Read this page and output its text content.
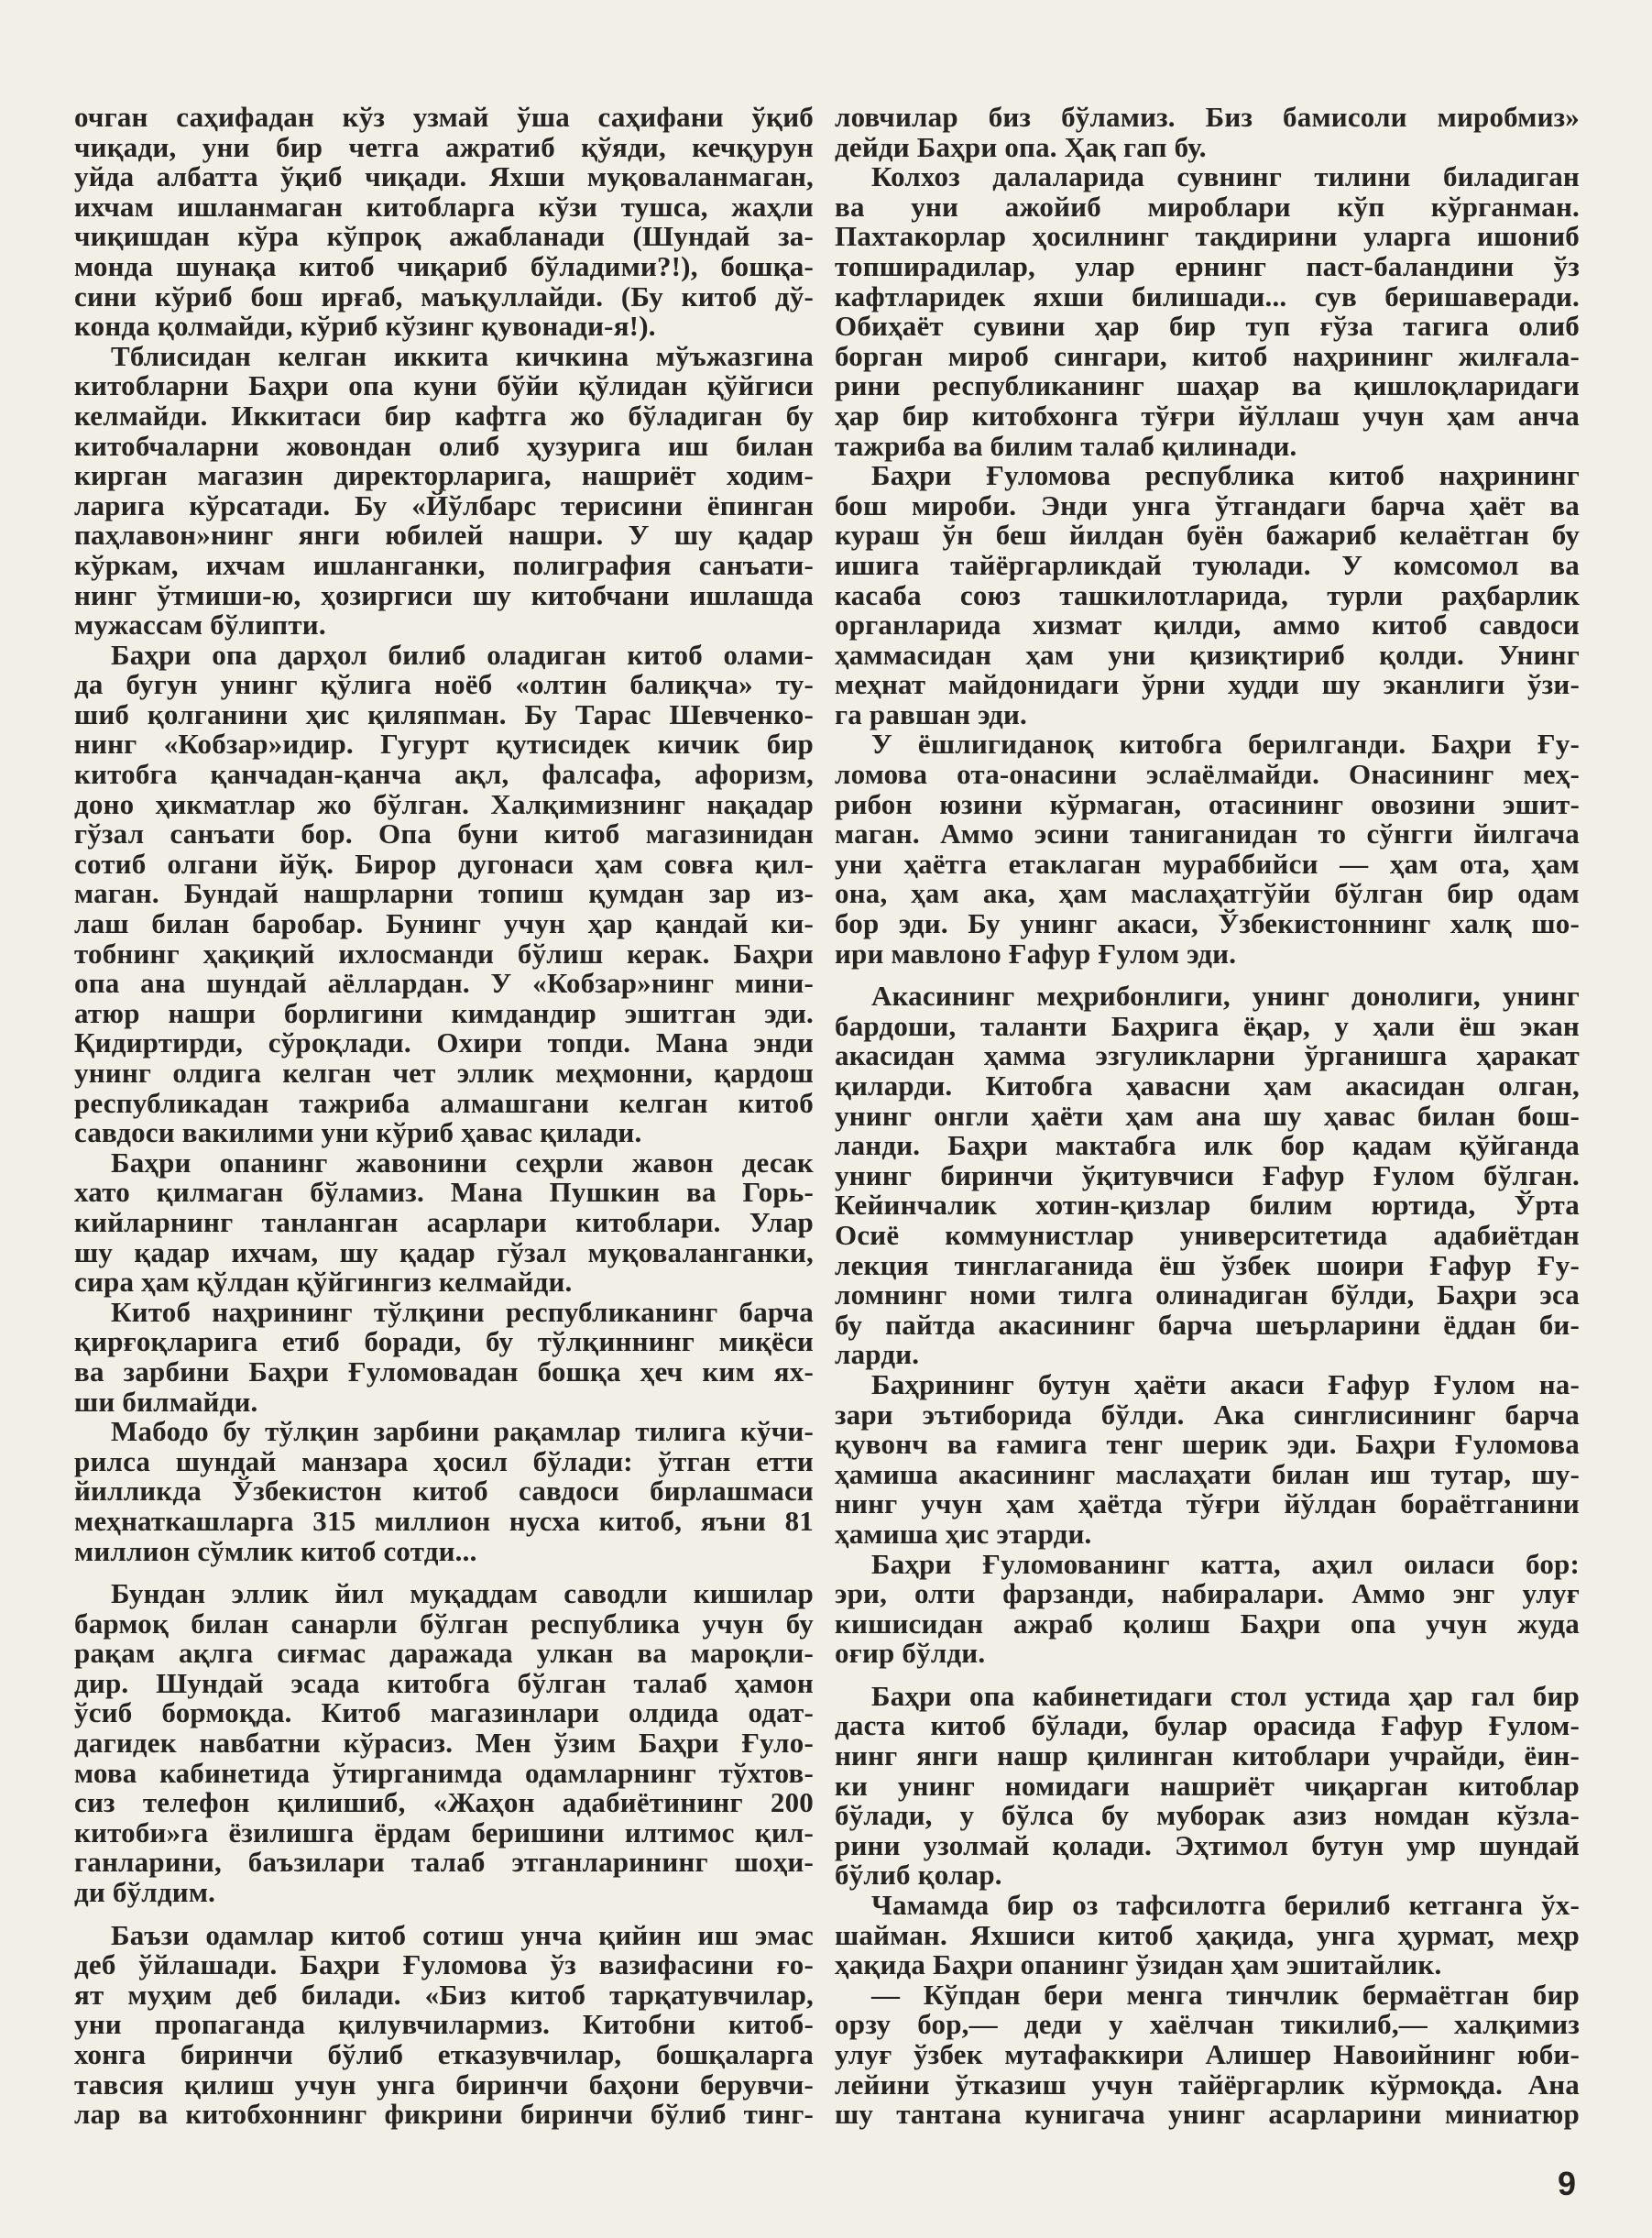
очган саҳифадан кўз узмай ўша саҳифани ўқиб
чиқади, уни бир четга ажратиб қўяди, кечқурун
уйда албатта ўқиб чиқади. Яхши муқоваланмаган,
ихчам ишланмаган китобларга кўзи тушса, жаҳли
чиқишдан кўра кўпроқ ажабланади (Шундай за-
монда шунақа китоб чиқариб бўладими?!), бошқа-
сини кўриб бош ирғаб, маъқуллайди. (Бу китоб дў-
конда қолмайди, кўриб кўзинг қувонади-я!).
Тблисидан келган иккита кичкина мўъжазгина
китобларни Баҳри опа куни бўйи қўлидан қўйгиси
келмайди. Иккитаси бир кафтга жо бўладиган бу
китобчаларни жовондан олиб ҳузурига иш билан
кирган магазин директорларига, нашриёт ходим-
ларига кўрсатади. Бу «Йўлбарс терисини ёпинган
паҳлавон»нинг янги юбилей нашри. У шу қадар
кўркам, ихчам ишланганки, полиграфия санъати-
нинг ўтмиши-ю, ҳозиргиси шу китобчани ишлашда
мужассам бўлипти.
Баҳри опа дарҳол билиб оладиган китоб олами-
да бугун унинг қўлига ноёб «олтин балиқча» ту-
шиб қолганини ҳис қиляпман. Бу Тарас Шевченко-
нинг «Кобзар»идир. Гугурт қутисидек кичик бир
китобга қанчадан-қанча ақл, фалсафа, афоризм,
доно ҳикматлар жо бўлган. Халқимизнинг нақадар
гўзал санъати бор. Опа буни китоб магазинидан
сотиб олгани йўқ. Бирор дугонаси ҳам совға қил-
маган. Бундай нашрларни топиш қумдан зар из-
лаш билан баробар. Бунинг учун ҳар қандай ки-
тобнинг ҳақиқий ихлосманди бўлиш керак. Баҳри
опа ана шундай аёллардан. У «Кобзар»нинг мини-
атюр нашри борлигини кимдандир эшитган эди.
Қидиртирди, сўроқлади. Охири топди. Мана энди
унинг олдига келган чет эллик меҳмонни, қардош
республикадан тажриба алмашгани келган китоб
савдоси вакилими уни кўриб ҳавас қилади.
Баҳри опанинг жавонини сеҳрли жавон десак
хато қилмаган бўламиз. Мана Пушкин ва Горь-
кийларнинг танланган асарлари китоблари. Улар
шу қадар ихчам, шу қадар гўзал муқоваланганки,
сира ҳам қўлдан қўйгингиз келмайди.
Китоб наҳрининг тўлқини республиканинг барча
қирғоқларига етиб боради, бу тўлқиннинг миқёси
ва зарбини Баҳри Ғуломовадан бошқа ҳеч ким ях-
ши билмайди.
Мабодо бу тўлқин зарбини рақамлар тилига кўчи-
рилса шундай манзара ҳосил бўлади: ўтган етти
йилликда Ўзбекистон китоб савдоси бирлашмаси
меҳнаткашларга 315 миллион нусха китоб, яъни 81
миллион сўмлик китоб сотди...
Бундан эллик йил муқаддам саводли кишилар
бармоқ билан санарли бўлган республика учун бу
рақам ақлга сиғмас даражада улкан ва мароқли-
дир. Шундай эсада китобга бўлган талаб ҳамон
ўсиб бормоқда. Китоб магазинлари олдида одат-
дагидек навбатни кўрасиз. Мен ўзим Баҳри Ғуло-
мова кабинетида ўтирганимда одамларнинг тўхтов-
сиз телефон қилишиб, «Жаҳон адабиётининг 200
китоби»га ёзилишга ёрдам беришини илтимос қил-
ганларини, баъзилари талаб этганларининг шоҳи-
ди бўлдим.
Баъзи одамлар китоб сотиш унча қийин иш эмас
деб ўйлашади. Баҳри Ғуломова ўз вазифасини ғо-
ят муҳим деб билади. «Биз китоб тарқатувчилар,
уни пропаганда қилувчилармиз. Китобни китоб-
хонга биринчи бўлиб етказувчилар, бошқаларга
тавсия қилиш учун унга биринчи баҳони берувчи-
лар ва китобхоннинг фикрини биринчи бўлиб тинг-
ловчилар биз бўламиз. Биз бамисоли миробмиз»
дейди Баҳри опа. Ҳақ гап бу.
Колхоз далаларида сувнинг тилини биладиган
ва уни ажойиб мироблари кўп кўрганман.
Пахтакорлар ҳосилнинг тақдирини уларга ишониб
топширадилар, улар ернинг паст-баландини ўз
кафтларидек яхши билишади... сув беришаверади.
Обиҳаёт сувини ҳар бир туп ғўза тагига олиб
борган мироб сингари, китоб наҳрининг жилғала-
рини республиканинг шаҳар ва қишлоқларидаги
ҳар бир китобхонга тўғри йўллаш учун ҳам анча
тажриба ва билим талаб қилинади.
Баҳри Ғуломова республика китоб наҳрининг
бош мироби. Энди унга ўтгандаги барча ҳаёт ва
кураш ўн беш йилдан буён бажариб келаётган бу
ишига тайёргарликдай туюлади. У комсомол ва
касаба союз ташкилотларида, турли раҳбарлик
органларида хизмат қилди, аммо китоб савдоси
ҳаммасидан ҳам уни қизиқтириб қолди. Унинг
меҳнат майдонидаги ўрни худди шу эканлиги ўзи-
га равшан эди.
У ёшлигиданоқ китобга берилганди. Баҳри Ғу-
ломова ота-онасини эслаёлмайди. Онасининг меҳ-
рибон юзини кўрмаган, отасининг овозини эшит-
маган. Аммо эсини таниганидан то сўнгги йилгача
уни ҳаётга етаклаган мураббийси — ҳам ота, ҳам
она, ҳам ака, ҳам маслаҳатгўйи бўлган бир одам
бор эди. Бу унинг акаси, Ўзбекистоннинг халқ шо-
ири мавлоно Ғафур Ғулом эди.
Акасининг меҳрибонлиги, унинг донолиги, унинг
бардоши, таланти Баҳрига ёқар, у ҳали ёш экан
акасидан ҳамма эзгуликларни ўрганишга ҳаракат
қиларди. Китобга ҳавасни ҳам акасидан олган,
унинг онгли ҳаёти ҳам ана шу ҳавас билан бош-
ланди. Баҳри мактабга илк бор қадам қўйганда
унинг биринчи ўқитувчиси Ғафур Ғулом бўлган.
Кейинчалик хотин-қизлар билим юртида, Ўрта
Осиё коммунистлар университетида адабиётдан
лекция тинглаганида ёш ўзбек шоири Ғафур Ғу-
ломнинг номи тилга олинадиган бўлди, Баҳри эса
бу пайтда акасининг барча шеърларини ёддан би-
ларди.
Баҳрининг бутун ҳаёти акаси Ғафур Ғулом на-
зари эътиборида бўлди. Ака синглисининг барча
қувонч ва ғамига тенг шерик эди. Баҳри Ғуломова
ҳамиша акасининг маслаҳати билан иш тутар, шу-
нинг учун ҳам ҳаётда тўғри йўлдан бораётганини
ҳамиша ҳис этарди.
Баҳри Ғуломованинг катта, аҳил оиласи бор:
эри, олти фарзанди, набиралари. Аммо энг улуғ
кишисидан ажраб қолиш Баҳри опа учун жуда
оғир бўлди.
Баҳри опа кабинетидаги стол устида ҳар гал бир
даста китоб бўлади, булар орасида Ғафур Ғулом-
нинг янги нашр қилинган китоблари учрайди, ёин-
ки унинг номидаги нашриёт чиқарган китоблар
бўлади, у бўлса бу муборак азиз номдан кўзла-
рини узолмай қолади. Эҳтимол бутун умр шундай
бўлиб қолар.
Чамамда бир оз тафсилотга берилиб кетганга ўх-
шайман. Яхшиси китоб ҳақида, унга ҳурмат, меҳр
ҳақида Баҳри опанинг ўзидан ҳам эшитайлик.
— Кўпдан бери менга тинчлик бермаётган бир
орзу бор,— деди у хаёлчан тикилиб,— халқимиз
улуғ ўзбек мутафаккири Алишер Навоийнинг юби-
лейини ўтказиш учун тайёргарлик кўрмоқда. Ана
шу тантана кунигача унинг асарларини миниатюр
9
